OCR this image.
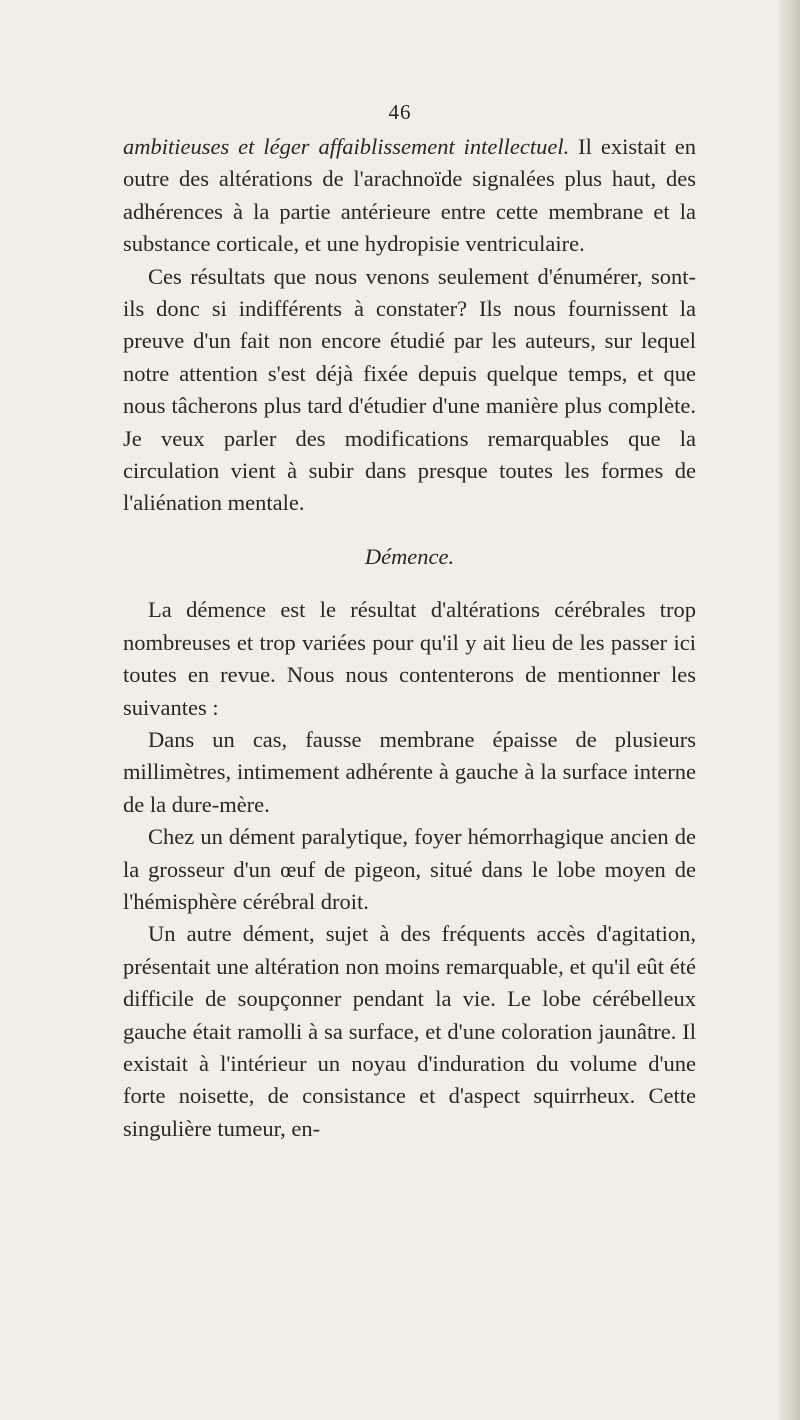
46

ambitieuses et léger affaiblissement intellectuel. Il existait en outre des altérations de l'arachnoïde signalées plus haut, des adhérences à la partie antérieure entre cette membrane et la substance corticale, et une hydropisie ventriculaire.

Ces résultats que nous venons seulement d'énumérer, sont-ils donc si indifférents à constater? Ils nous fournissent la preuve d'un fait non encore étudié par les auteurs, sur lequel notre attention s'est déjà fixée depuis quelque temps, et que nous tâcherons plus tard d'étudier d'une manière plus complète. Je veux parler des modifications remarquables que la circulation vient à subir dans presque toutes les formes de l'aliénation mentale.

Démence.

La démence est le résultat d'altérations cérébrales trop nombreuses et trop variées pour qu'il y ait lieu de les passer ici toutes en revue. Nous nous contenterons de mentionner les suivantes :

Dans un cas, fausse membrane épaisse de plusieurs millimètres, intimement adhérente à gauche à la surface interne de la dure-mère.

Chez un dément paralytique, foyer hémorrhagique ancien de la grosseur d'un œuf de pigeon, situé dans le lobe moyen de l'hémisphère cérébral droit.

Un autre dément, sujet à des fréquents accès d'agitation, présentait une altération non moins remarquable, et qu'il eût été difficile de soupçonner pendant la vie. Le lobe cérébelleux gauche était ramolli à sa surface, et d'une coloration jaunâtre. Il existait à l'intérieur un noyau d'induration du volume d'une forte noisette, de consistance et d'aspect squirrheux. Cette singulière tumeur, en-
